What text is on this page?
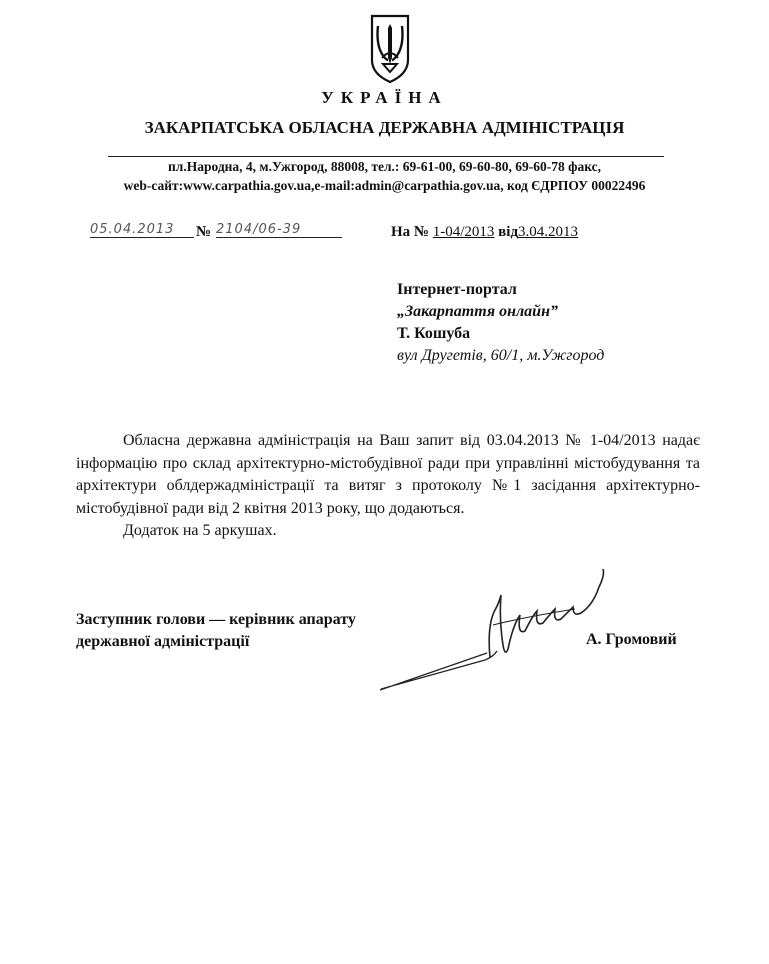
УКРАЇНА
ЗАКАРПАТСЬКА ОБЛАСНА ДЕРЖАВНА АДМІНІСТРАЦІЯ
пл.Народна, 4, м.Ужгород, 88008, тел.: 69-61-00, 69-60-80, 69-60-78 факс,
web-сайт:www.carpathia.gov.ua,e-mail:admin@carpathia.gov.ua, код ЄДРПОУ 00022496
05.04.2013	№ 2104/06-39	На № 1-04/2013 від3.04.2013
Інтернет-портал
„Закарпаття онлайн”
Т. Кошуба
вул Другетів, 60/1, м.Ужгород

Обласна державна адміністрація на Ваш запит від 03.04.2013 № 1-04/2013 надає інформацію про склад архітектурно-містобудівної ради при управлінні містобудування та архітектури облдержадміністрації та витяг з протоколу №1 засідання архітектурно-містобудівної ради від 2 квітня 2013 року, що додаються.

Додаток на 5 аркушах.

Заступник голови — керівник апарату
державної адміністрації	А. Громовий
